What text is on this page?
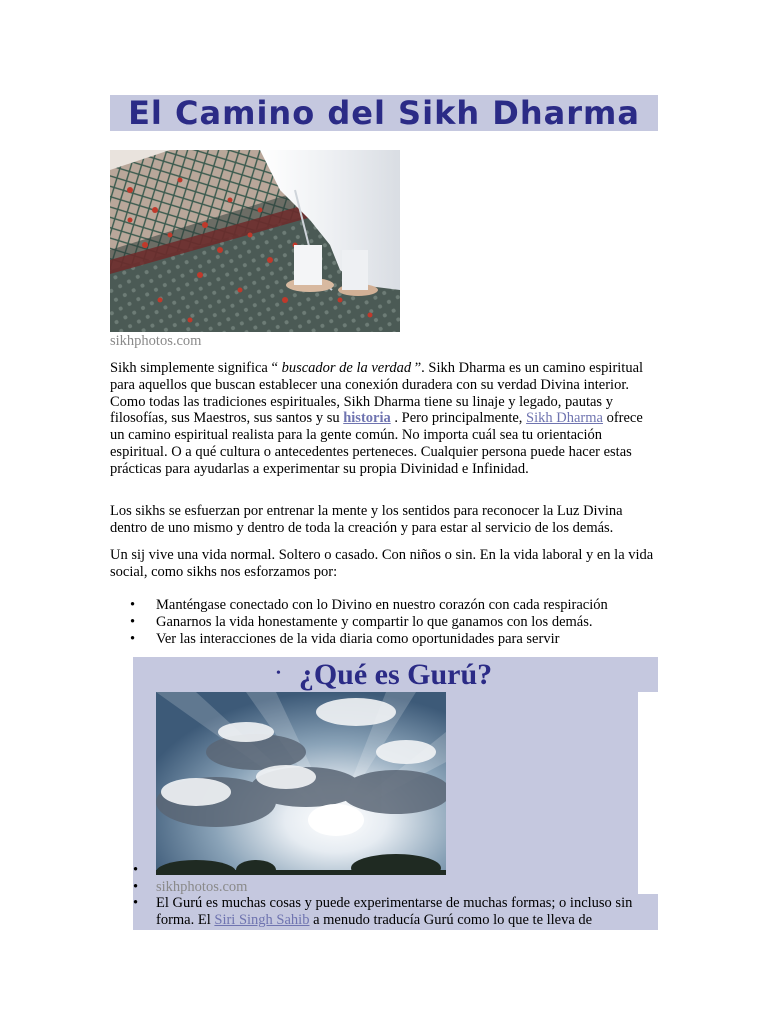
El Camino del Sikh Dharma
sikhphotos.com
Sikh simplemente significa “ buscador de la verdad ”. Sikh Dharma es un camino espiritual para aquellos que buscan establecer una conexión duradera con su verdad Divina interior. Como todas las tradiciones espirituales, Sikh Dharma tiene su linaje y legado, pautas y filosofías, sus Maestros, sus santos y su historia . Pero principalmente, Sikh Dharma ofrece un camino espiritual realista para la gente común. No importa cuál sea tu orientación espiritual. O a qué cultura o antecedentes perteneces. Cualquier persona puede hacer estas prácticas para ayudarlas a experimentar su propia Divinidad e Infinidad.
Los sikhs se esfuerzan por entrenar la mente y los sentidos para reconocer la Luz Divina dentro de uno mismo y dentro de toda la creación y para estar al servicio de los demás.
Un sij vive una vida normal. Soltero o casado. Con niños o sin. En la vida laboral y en la vida social, como sikhs nos esforzamos por:
• Manténgase conectado con lo Divino en nuestro corazón con cada respiración
• Ganarnos la vida honestamente y compartir lo que ganamos con los demás.
• Ver las interacciones de la vida diaria como oportunidades para servir
¿Qué es Gurú?
•
•
•
•
sikhphotos.com
El Gurú es muchas cosas y puede experimentarse de muchas formas; o incluso sin forma. El Siri Singh Sahib a menudo traducía Gurú como lo que te lleva de
